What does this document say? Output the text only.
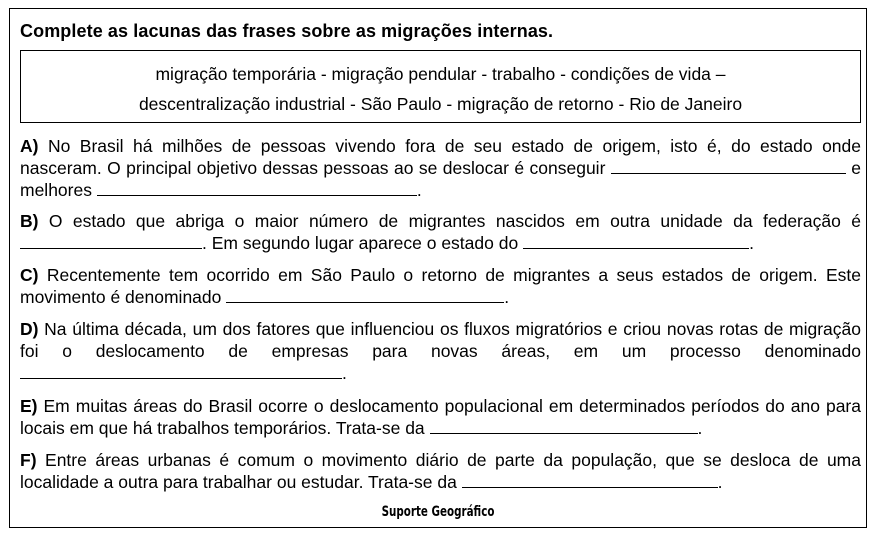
Complete as lacunas das frases sobre as migrações internas.
migração temporária - migração pendular - trabalho - condições de vida –
descentralização industrial - São Paulo - migração de retorno - Rio de Janeiro
A) No Brasil há milhões de pessoas vivendo fora de seu estado de origem, isto é, do estado onde nasceram. O principal objetivo dessas pessoas ao se deslocar é conseguir	e melhores	.
B) O estado que abriga o maior número de migrantes nascidos em outra unidade da federação é . Em segundo lugar aparece o estado do	.
C) Recentemente tem ocorrido em São Paulo o retorno de migrantes a seus estados de origem. Este movimento é denominado	.
D) Na última década, um dos fatores que influenciou os fluxos migratórios e criou novas rotas de migração foi o deslocamento de empresas para novas áreas, em um processo denominado .
E) Em muitas áreas do Brasil ocorre o deslocamento populacional em determinados períodos do ano para locais em que há trabalhos temporários. Trata-se da	.
F) Entre áreas urbanas é comum o movimento diário de parte da população, que se desloca de uma localidade a outra para trabalhar ou estudar. Trata-se da	.
Suporte Geográfico
